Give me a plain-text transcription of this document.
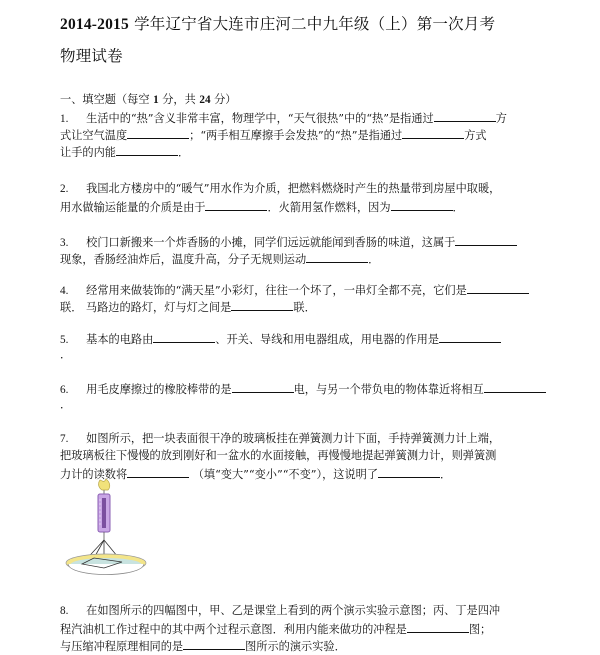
2014-2015 学年辽宁省大连市庄河二中九年级（上）第一次月考
物理试卷
一、填空题（每空 1 分，共 24 分）
1. 生活中的“热”含义非常丰富，物理学中，“天气很热”中的“热”是指通过	方
式让空气温度	；“两手相互摩擦手会发热”的“热”是指通过	方式
让手的内能	．
2. 我国北方楼房中的“暖气”用水作为介质，把燃料燃烧时产生的热量带到房屋中取暖，
用水做输运能量的介质是由于	．火箭用氢作燃料，因为	．
3. 校门口新搬来一个炸香肠的小摊，同学们远远就能闻到香肠的味道，这属于
现象，香肠经油炸后，温度升高，分子无规则运动	．
4. 经常用来做装饰的“满天星”小彩灯，往往一个坏了，一串灯全都不亮，它们是
联． 马路边的路灯，灯与灯之间是	联．
5. 基本的电路由	、开关、导线和用电器组成，用电器的作用是
．
6. 用毛皮摩擦过的橡胶棒带的是	电，与另一个带负电的物体靠近将相互
．
7. 如图所示，把一块表面很干净的玻璃板挂在弹簧测力计下面，手持弹簧测力计上端，
把玻璃板往下慢慢的放到刚好和一盆水的水面接触，再慢慢地提起弹簧测力计，则弹簧测
力计的读数将	（填“变大”“变小”“不变”），这说明了	．
8. 在如图所示的四幅图中，甲、乙是课堂上看到的两个演示实验示意图；丙、丁是四冲
程汽油机工作过程中的其中两个过程示意图．利用内能来做功的冲程是	图；
与压缩冲程原理相同的是	图所示的演示实验．
